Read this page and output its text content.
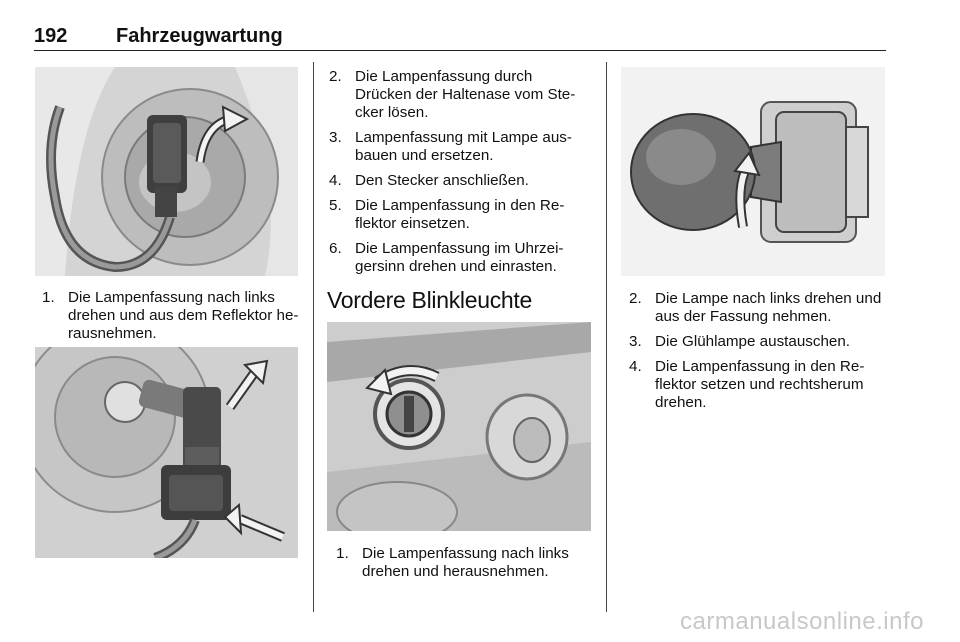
192 Fahrzeugwartung
1. Die Lampenfassung nach links drehen und aus dem Reflektor he-rausnehmen.
2. Die Lampenfassung durch Drücken der Haltenase vom Ste-cker lösen.
3. Lampenfassung mit Lampe aus-bauen und ersetzen.
4. Den Stecker anschließen.
5. Die Lampenfassung in den Re-flektor einsetzen.
6. Die Lampenfassung im Uhrzei-gersinn drehen und einrasten.
Vordere Blinkleuchte
1. Die Lampenfassung nach links drehen und herausnehmen.
2. Die Lampe nach links drehen und aus der Fassung nehmen.
3. Die Glühlampe austauschen.
4. Die Lampenfassung in den Re-flektor setzen und rechtsherum drehen.
carmanualsonline.info
